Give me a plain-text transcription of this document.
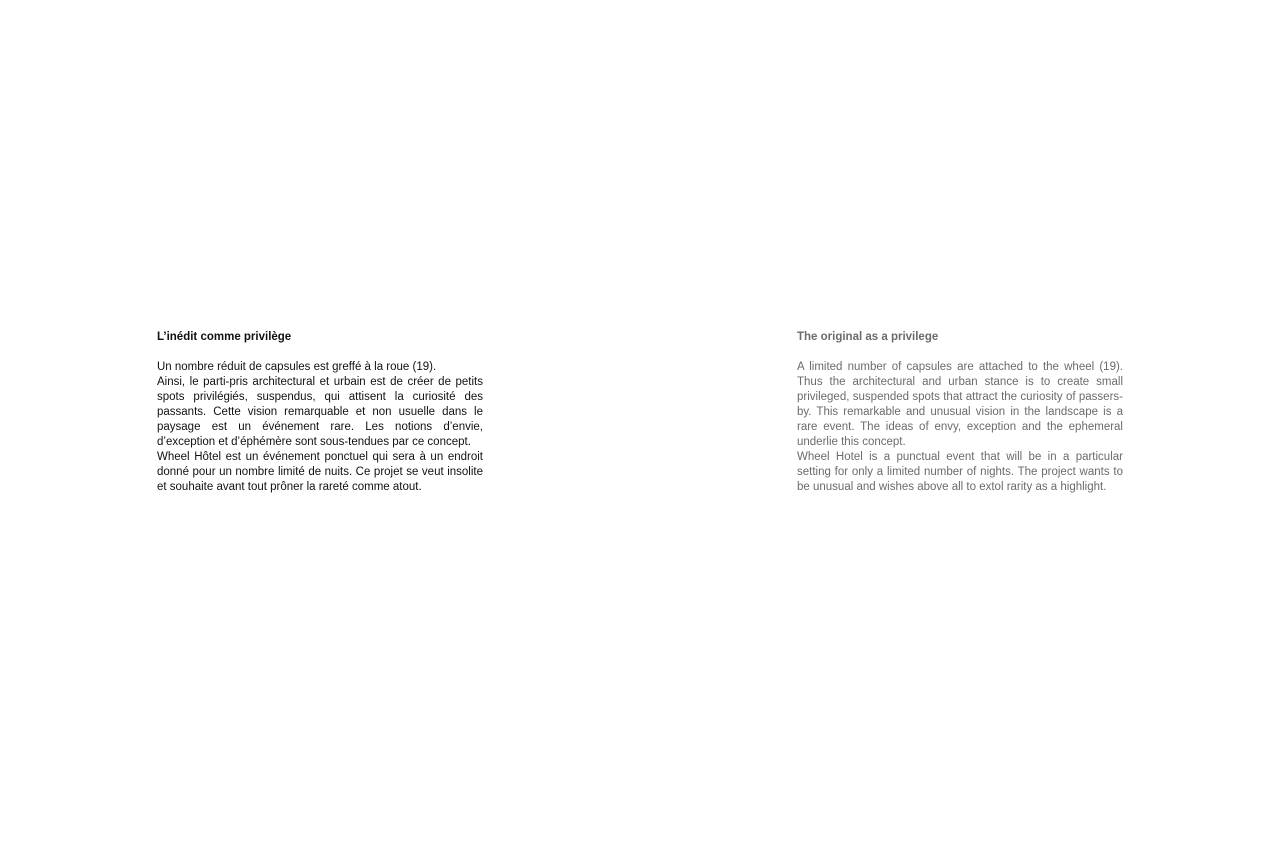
L’inédit comme privilège

Un nombre réduit de capsules est greffé à la roue (19).

Ainsi, le parti-pris architectural et urbain est de créer de petits spots privilégiés, suspendus, qui attisent la curiosité des passants. Cette vision remarquable et non usuelle dans le paysage est un événement rare. Les notions d’envie, d’exception et d’éphémère sont sous-tendues par ce concept.

Wheel Hôtel est un événement ponctuel qui sera à un endroit donné pour un nombre limité de nuits. Ce projet se veut insolite et souhaite avant tout prôner la rareté comme atout.

The original as a privilege

A limited number of capsules are attached to the wheel (19). Thus the architectural and urban stance is to create small privileged, suspended spots that attract the curiosity of passers-by. This remarkable and unusual vision in the landscape is a rare event. The ideas of envy, exception and the ephemeral underlie this concept.

Wheel Hotel is a punctual event that will be in a particular setting for only a limited number of nights. The project wants to be unusual and wishes above all to extol rarity as a highlight.
